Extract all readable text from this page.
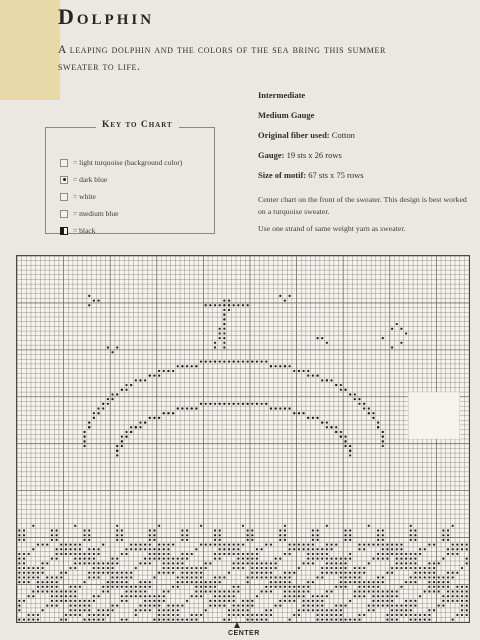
Dolphin

A leaping dolphin and the colors of the sea bring this summer sweater to life.

Key to Chart
= light turquoise (background color)
= dark blue
= white
= medium blue
= black
Intermediate
Medium Gauge
Original fiber used: Cotton
Gauge: 19 sts x 26 rows
Size of motif: 67 sts x 75 rows

Center chart on the front of the sweater. This design is best worked on a turquoise sweater.

Use one strand of same weight yarn as sweater.

CENTER
